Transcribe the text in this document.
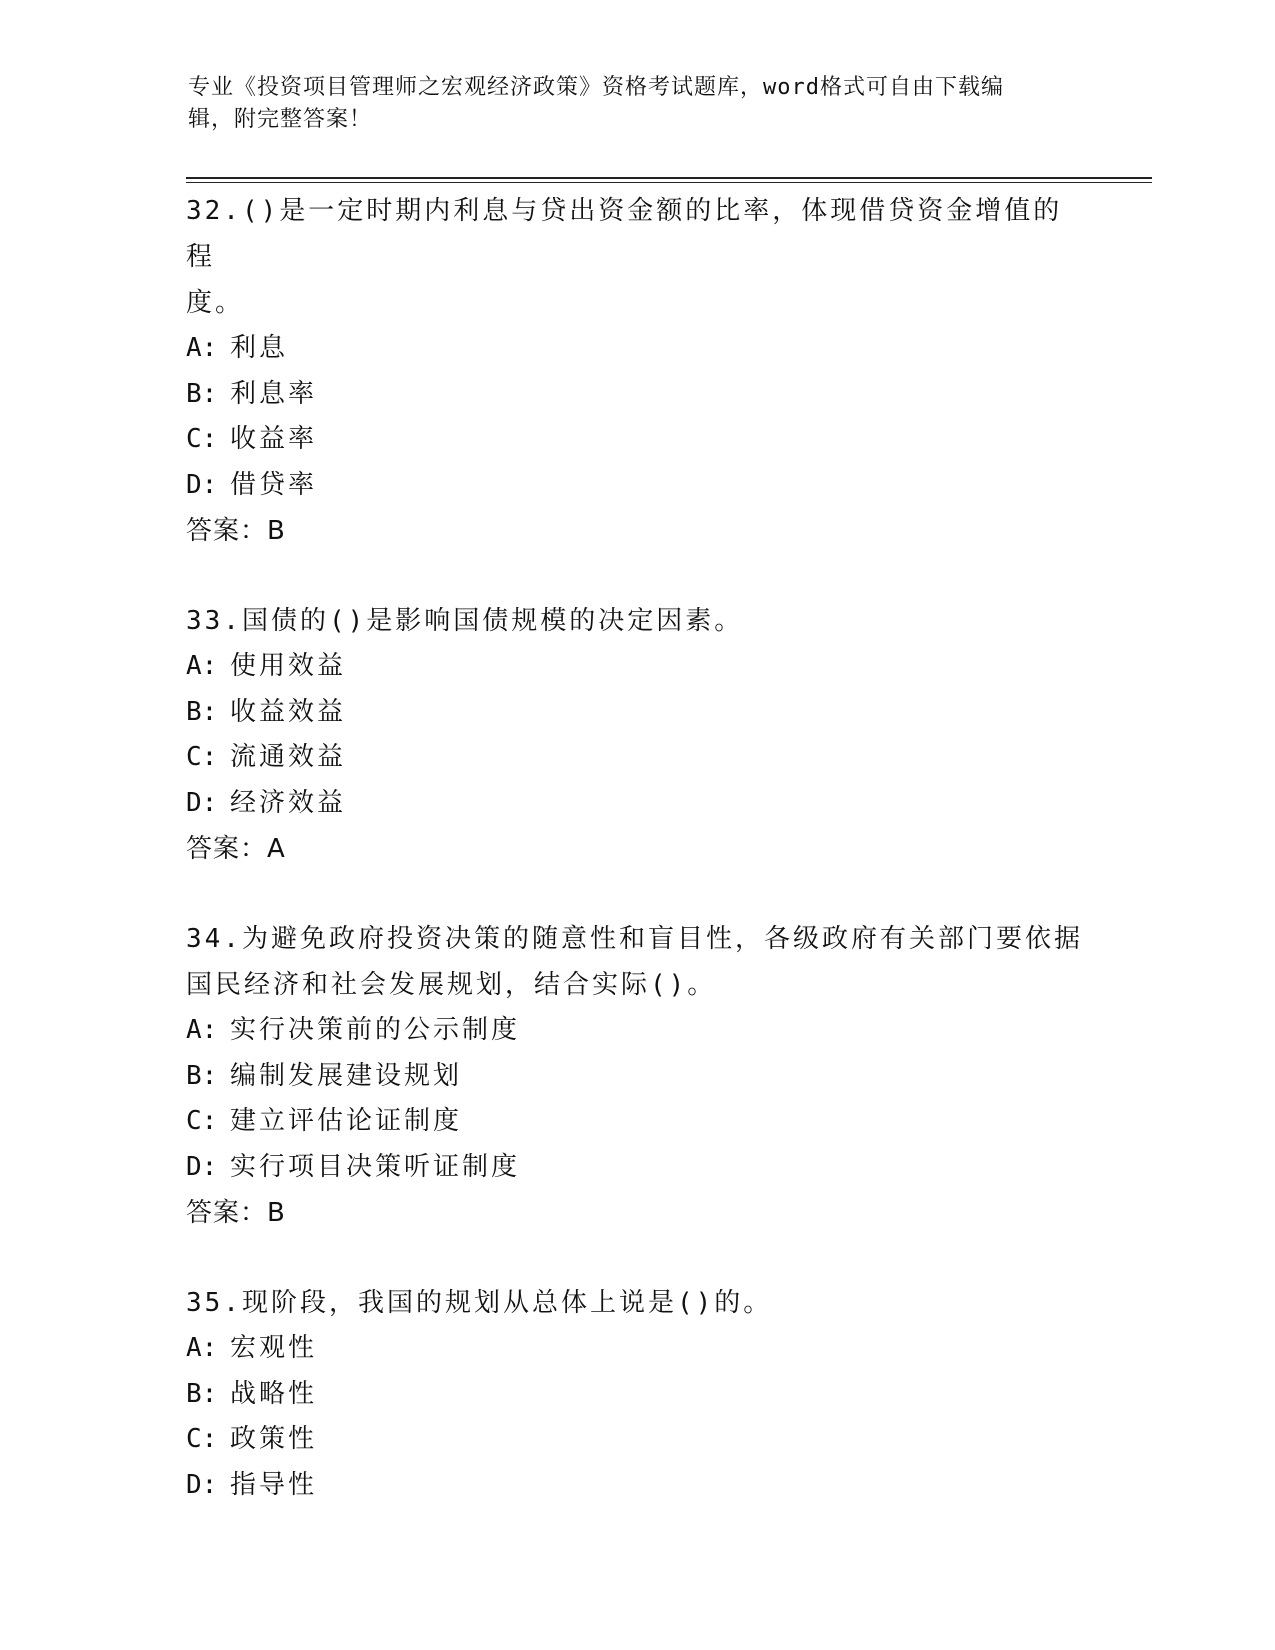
专业《投资项目管理师之宏观经济政策》资格考试题库，word格式可自由下载编
辑，附完整答案！

32.()是一定时期内利息与贷出资金额的比率，体现借贷资金增值的程
度。

A: 利息

B: 利息率

C: 收益率

D: 借贷率

答案：B

33.国债的()是影响国债规模的决定因素。

A: 使用效益

B: 收益效益

C: 流通效益

D: 经济效益

答案：A

34.为避免政府投资决策的随意性和盲目性，各级政府有关部门要依据
国民经济和社会发展规划，结合实际()。

A: 实行决策前的公示制度

B: 编制发展建设规划

C: 建立评估论证制度

D: 实行项目决策听证制度

答案：B

35.现阶段，我国的规划从总体上说是()的。

A: 宏观性

B: 战略性

C: 政策性

D: 指导性
